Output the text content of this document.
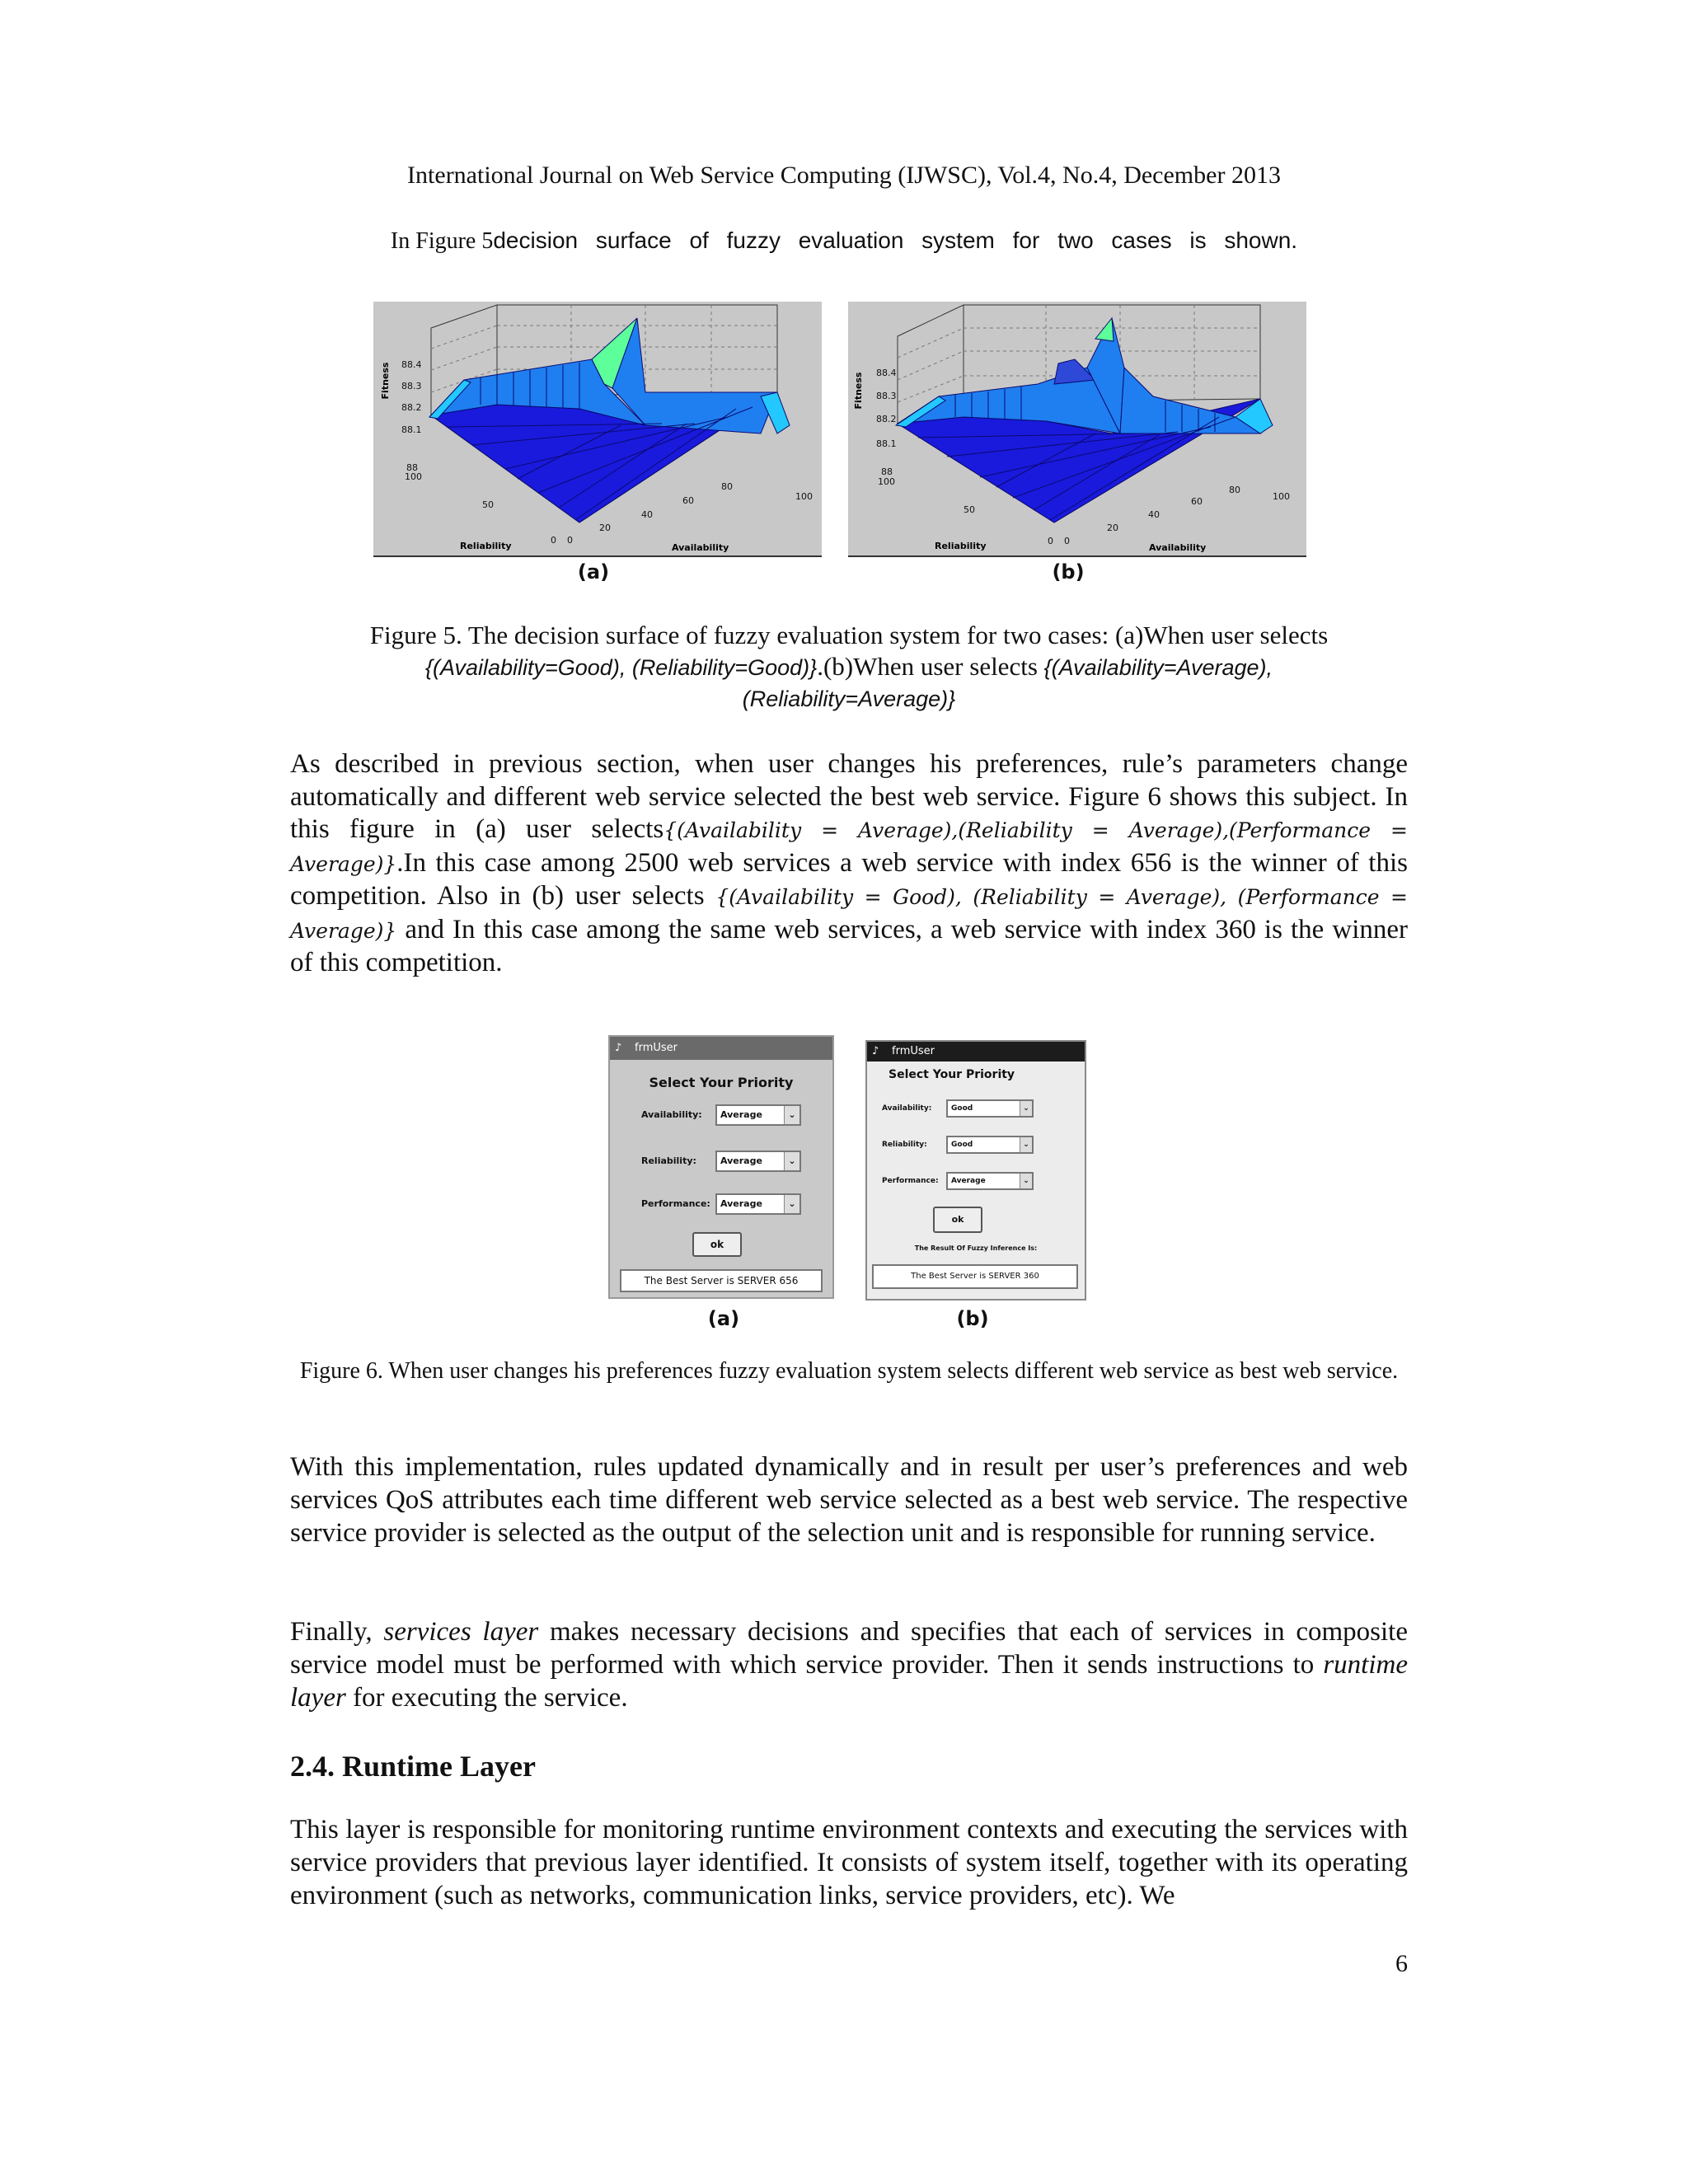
International Journal on Web Service Computing (IJWSC), Vol.4, No.4, December 2013
In Figure 5decision surface of fuzzy evaluation system for two cases is shown.
Fitness 88.4
88.3
88.2
88.1
88
100
50
0 0
20
40
60
80
100
Reliability	Availability
(a)
Fitness 88.4
88.3
88.2
88.1
88
100
50
0 0
20
40
60
80
100
Reliability	Availability
(b)
Figure 5. The decision surface of fuzzy evaluation system for two cases: (a)When user selects
{(Availability=Good), (Reliability=Good)}.(b)When user selects {(Availability=Average),
(Reliability=Average)}

As described in previous section, when user changes his preferences, rule’s parameters change automatically and different web service selected the best web service. Figure 6 shows this subject. In this figure in (a) user selects{(Availability = Average),(Reliability = Average),(Performance = Average)}.In this case among 2500 web services a web service with index 656 is the winner of this competition. Also in (b) user selects {(Availability = Good), (Reliability = Average), (Performance = Average)} and In this case among the same web services, a web service with index 360 is the winner of this competition.

♪ frmUser
Select Your Priority
Availability:	Average	⌄
Reliability:	Average	⌄
Performance:	Average	⌄
ok
The Best Server is SERVER 656
(a)
♪ frmUser
Select Your Priority
Availability:	Good	⌄
Reliability:	Good	⌄
Performance:	Average	⌄
ok
The Result Of Fuzzy Inference Is:
The Best Server is SERVER 360
(b)
Figure 6. When user changes his preferences fuzzy evaluation system selects different web service as best web service.

With this implementation, rules updated dynamically and in result per user’s preferences and web services QoS attributes each time different web service selected as a best web service. The respective service provider is selected as the output of the selection unit and is responsible for running service.

Finally, services layer makes necessary decisions and specifies that each of services in composite service model must be performed with which service provider. Then it sends instructions to runtime layer for executing the service.

2.4. Runtime Layer

This layer is responsible for monitoring runtime environment contexts and executing the services with service providers that previous layer identified. It consists of system itself, together with its operating environment (such as networks, communication links, service providers, etc). We

6
